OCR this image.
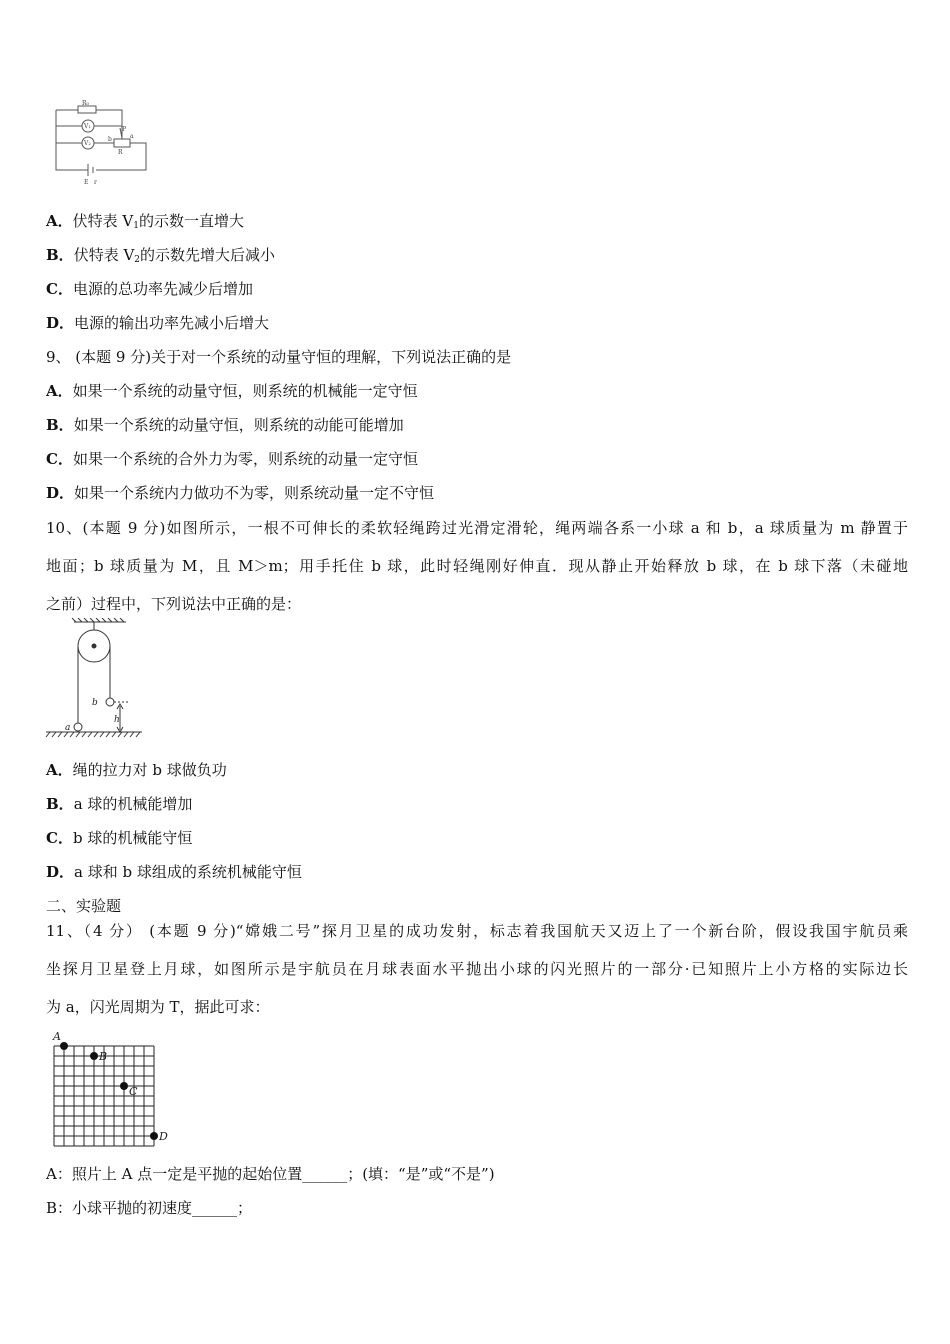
R₀
V₁
V₂
P
a
b
R
E r
A．伏特表 $V_1$的示数一直增大
B．伏特表 $V_2$的示数先增大后减小
C．电源的总功率先减少后增加
D．电源的输出功率先减小后增大
9、 (本题 9 分)关于对一个系统的动量守恒的理解，下列说法正确的是
A．如果一个系统的动量守恒，则系统的机械能一定守恒
B．如果一个系统的动量守恒，则系统的动能可能增加
C．如果一个系统的合外力为零，则系统的动量一定守恒
D．如果一个系统内力做功不为零，则系统动量一定不守恒
10、(本题 9 分)如图所示，一根不可伸长的柔软轻绳跨过光滑定滑轮，绳两端各系一小球 a 和 b，a 球质量为 m 静置于
地面；b 球质量为 M，且 M＞m；用手托住 b 球，此时轻绳刚好伸直．现从静止开始释放 b 球，在 b 球下落（未碰地
之前）过程中，下列说法中正确的是：
b
a
h
A．绳的拉力对 b 球做负功
B．a 球的机械能增加
C．b 球的机械能守恒
D．a 球和 b 球组成的系统机械能守恒
二、实验题
11、（4 分） (本题 9 分)“嫦娥二号”探月卫星的成功发射，标志着我国航天又迈上了一个新台阶，假设我国宇航员乘
坐探月卫星登上月球，如图所示是宇航员在月球表面水平抛出小球的闪光照片的一部分·已知照片上小方格的实际边长
为 a，闪光周期为 T，据此可求：
A
B
C
D
A：照片上 A 点一定是平抛的起始位置______；(填：“是”或“不是”)
B：小球平抛的初速度______；
